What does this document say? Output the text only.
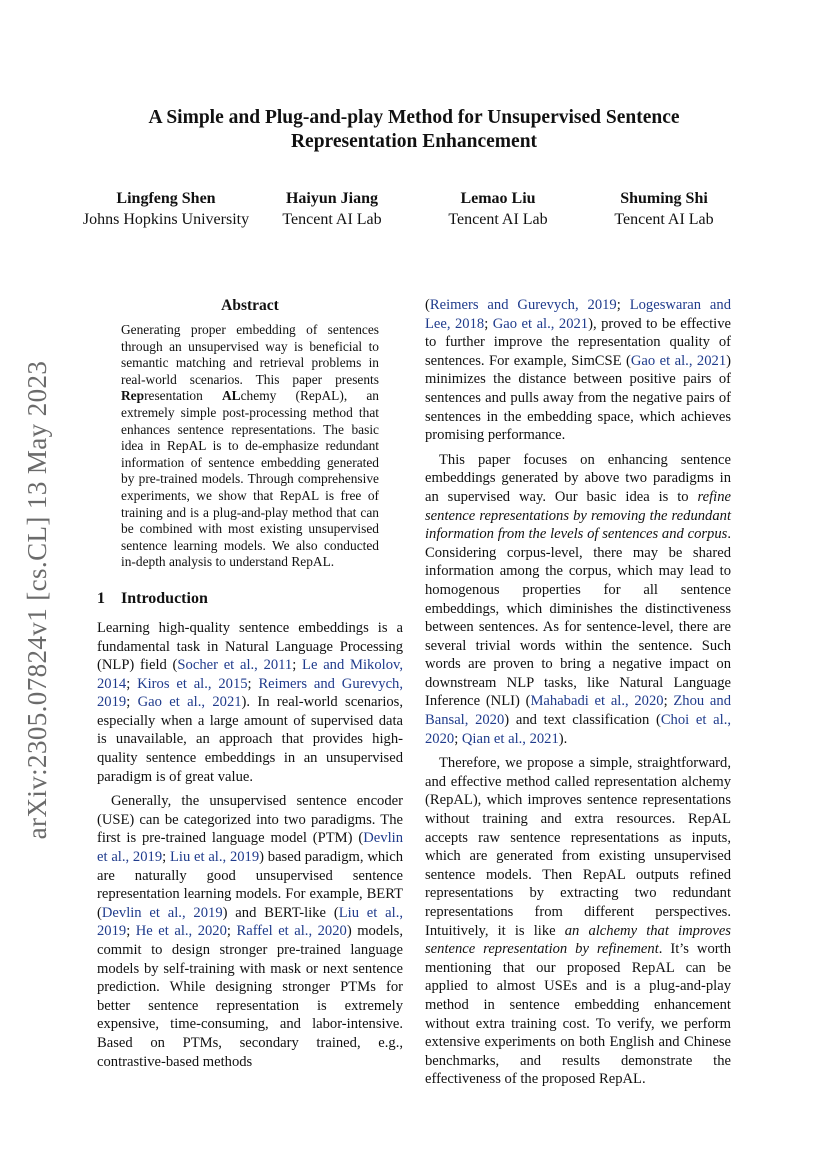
arXiv:2305.07824v1 [cs.CL] 13 May 2023
A Simple and Plug-and-play Method for Unsupervised Sentence Representation Enhancement
Lingfeng Shen
Johns Hopkins University
Haiyun Jiang
Tencent AI Lab
Lemao Liu
Tencent AI Lab
Shuming Shi
Tencent AI Lab
Abstract
Generating proper embedding of sentences through an unsupervised way is beneficial to semantic matching and retrieval problems in real-world scenarios. This paper presents Representation ALchemy (RepAL), an extremely simple post-processing method that enhances sentence representations. The basic idea in RepAL is to de-emphasize redundant information of sentence embedding generated by pre-trained models. Through comprehensive experiments, we show that RepAL is free of training and is a plug-and-play method that can be combined with most existing unsupervised sentence learning models. We also conducted in-depth analysis to understand RepAL.
1 Introduction

Learning high-quality sentence embeddings is a fundamental task in Natural Language Processing (NLP) field (Socher et al., 2011; Le and Mikolov, 2014; Kiros et al., 2015; Reimers and Gurevych, 2019; Gao et al., 2021). In real-world scenarios, especially when a large amount of supervised data is unavailable, an approach that provides high-quality sentence embeddings in an unsupervised paradigm is of great value.

Generally, the unsupervised sentence encoder (USE) can be categorized into two paradigms. The first is pre-trained language model (PTM) (Devlin et al., 2019; Liu et al., 2019) based paradigm, which are naturally good unsupervised sentence representation learning models. For example, BERT (Devlin et al., 2019) and BERT-like (Liu et al., 2019; He et al., 2020; Raffel et al., 2020) models, commit to design stronger pre-trained language models by self-training with mask or next sentence prediction. While designing stronger PTMs for better sentence representation is extremely expensive, time-consuming, and labor-intensive. Based on PTMs, secondary trained, e.g., contrastive-based methods

(Reimers and Gurevych, 2019; Logeswaran and Lee, 2018; Gao et al., 2021), proved to be effective to further improve the representation quality of sentences. For example, SimCSE (Gao et al., 2021) minimizes the distance between positive pairs of sentences and pulls away from the negative pairs of sentences in the embedding space, which achieves promising performance.

This paper focuses on enhancing sentence embeddings generated by above two paradigms in an supervised way. Our basic idea is to refine sentence representations by removing the redundant information from the levels of sentences and corpus. Considering corpus-level, there may be shared information among the corpus, which may lead to homogenous properties for all sentence embeddings, which diminishes the distinctiveness between sentences. As for sentence-level, there are several trivial words within the sentence. Such words are proven to bring a negative impact on downstream NLP tasks, like Natural Language Inference (NLI) (Mahabadi et al., 2020; Zhou and Bansal, 2020) and text classification (Choi et al., 2020; Qian et al., 2021).

Therefore, we propose a simple, straightforward, and effective method called representation alchemy (RepAL), which improves sentence representations without training and extra resources. RepAL accepts raw sentence representations as inputs, which are generated from existing unsupervised sentence models. Then RepAL outputs refined representations by extracting two redundant representations from different perspectives. Intuitively, it is like an alchemy that improves sentence representation by refinement. It’s worth mentioning that our proposed RepAL can be applied to almost USEs and is a plug-and-play method in sentence embedding enhancement without extra training cost. To verify, we perform extensive experiments on both English and Chinese benchmarks, and results demonstrate the effectiveness of the proposed RepAL.
